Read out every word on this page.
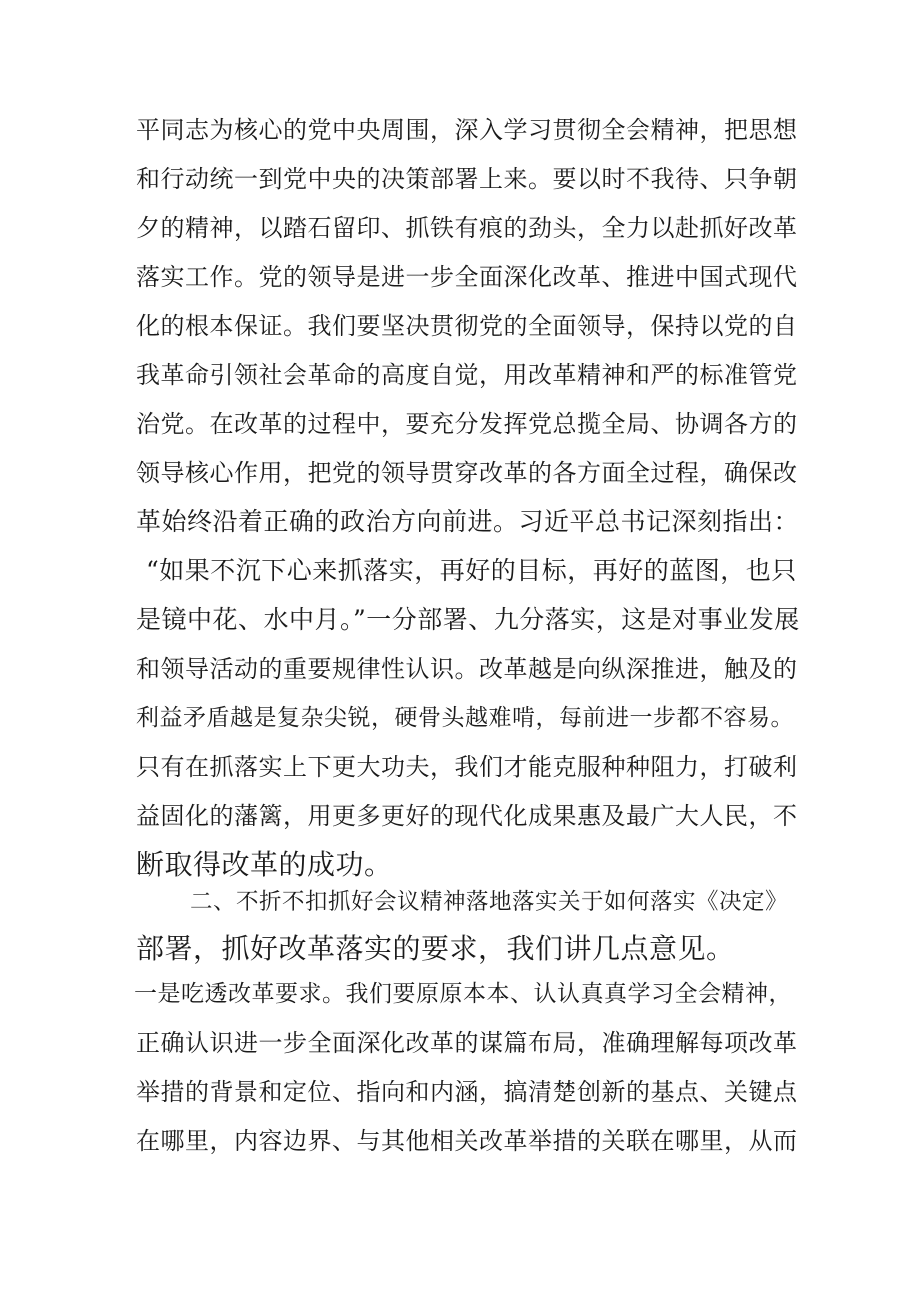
平同志为核心的党中央周围，深入学习贯彻全会精神，把思想

和行动统一到党中央的决策部署上来。要以时不我待、只争朝

夕的精神，以踏石留印、抓铁有痕的劲头，全力以赴抓好改革

落实工作。党的领导是进一步全面深化改革、推进中国式现代

化的根本保证。我们要坚决贯彻党的全面领导，保持以党的自

我革命引领社会革命的高度自觉，用改革精神和严的标准管党

治党。在改革的过程中，要充分发挥党总揽全局、协调各方的

领导核心作用，把党的领导贯穿改革的各方面全过程，确保改

革始终沿着正确的政治方向前进。习近平总书记深刻指出：

“如果不沉下心来抓落实，再好的目标，再好的蓝图，也只

是镜中花、水中月。”一分部署、九分落实，这是对事业发展

和领导活动的重要规律性认识。改革越是向纵深推进，触及的

利益矛盾越是复杂尖锐，硬骨头越难啃，每前进一步都不容易。

只有在抓落实上下更大功夫，我们才能克服种种阻力，打破利

益固化的藩篱，用更多更好的现代化成果惠及最广大人民，不

断取得改革的成功。

二、不折不扣抓好会议精神落地落实关于如何落实《决定》

部署，抓好改革落实的要求，我们讲几点意见。

一是吃透改革要求。我们要原原本本、认认真真学习全会精神，

正确认识进一步全面深化改革的谋篇布局，准确理解每项改革

举措的背景和定位、指向和内涵，搞清楚创新的基点、关键点

在哪里，内容边界、与其他相关改革举措的关联在哪里，从而
